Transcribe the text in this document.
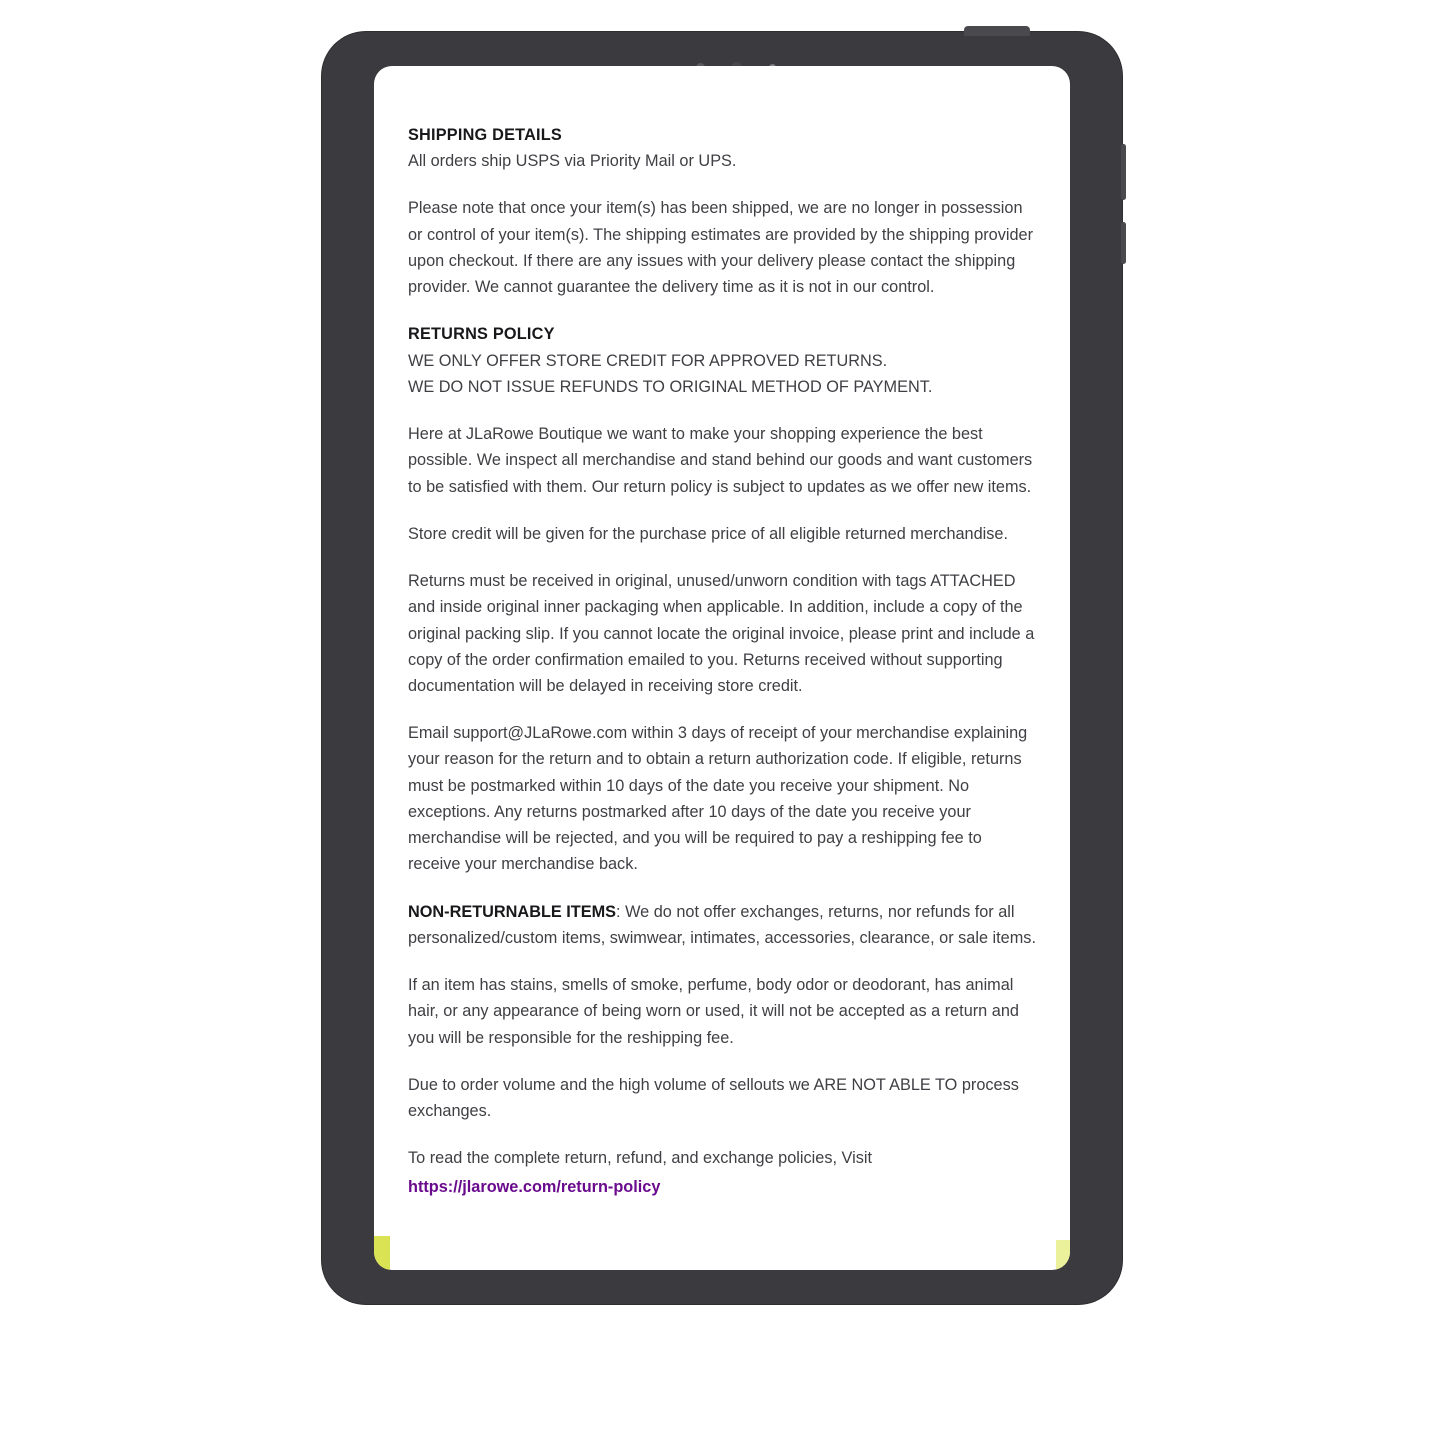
SHIPPING DETAILS

All orders ship USPS via Priority Mail or UPS.

Please note that once your item(s) has been shipped, we are no longer in possession or control of your item(s). The shipping estimates are provided by the shipping provider upon checkout. If there are any issues with your delivery please contact the shipping provider. We cannot guarantee the delivery time as it is not in our control.

RETURNS POLICY

WE ONLY OFFER STORE CREDIT FOR APPROVED RETURNS.

WE DO NOT ISSUE REFUNDS TO ORIGINAL METHOD OF PAYMENT.

Here at JLaRowe Boutique we want to make your shopping experience the best possible. We inspect all merchandise and stand behind our goods and want customers to be satisfied with them. Our return policy is subject to updates as we offer new items.

Store credit will be given for the purchase price of all eligible returned merchandise.

Returns must be received in original, unused/unworn condition with tags ATTACHED and inside original inner packaging when applicable. In addition, include a copy of the original packing slip. If you cannot locate the original invoice, please print and include a copy of the order confirmation emailed to you. Returns received without supporting documentation will be delayed in receiving store credit.

Email support@JLaRowe.com within 3 days of receipt of your merchandise explaining your reason for the return and to obtain a return authorization code. If eligible, returns must be postmarked within 10 days of the date you receive your shipment. No exceptions. Any returns postmarked after 10 days of the date you receive your merchandise will be rejected, and you will be required to pay a reshipping fee to receive your merchandise back.

NON-RETURNABLE ITEMS: We do not offer exchanges, returns, nor refunds for all personalized/custom items, swimwear, intimates, accessories, clearance, or sale items.

If an item has stains, smells of smoke, perfume, body odor or deodorant, has animal hair, or any appearance of being worn or used, it will not be accepted as a return and you will be responsible for the reshipping fee.

Due to order volume and the high volume of sellouts we ARE NOT ABLE TO process exchanges.

To read the complete return, refund, and exchange policies, Visit

https://jlarowe.com/return-policy
